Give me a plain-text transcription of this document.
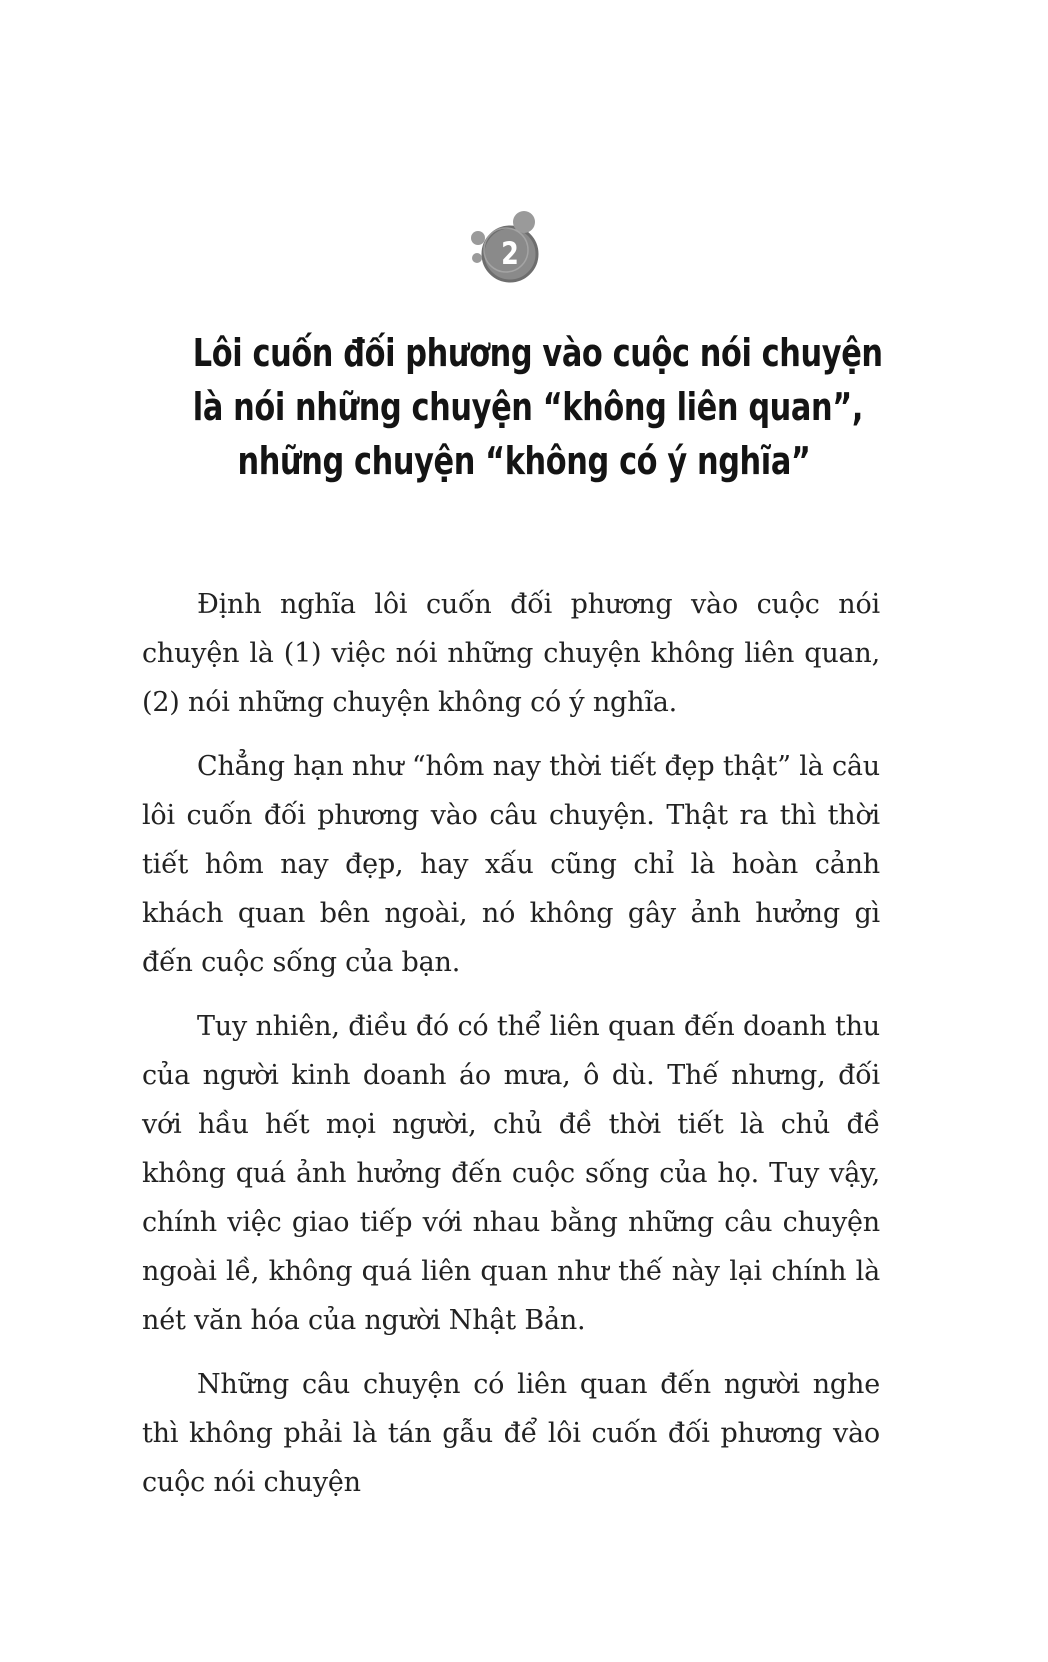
2
Lôi cuốn đối phương vào cuộc nói chuyện
là nói những chuyện “không liên quan”,
những chuyện “không có ý nghĩa”

Định nghĩa lôi cuốn đối phương vào cuộc nói chuyện là (1) việc nói những chuyện không liên quan, (2) nói những chuyện không có ý nghĩa.

Chẳng hạn như “hôm nay thời tiết đẹp thật” là câu lôi cuốn đối phương vào câu chuyện. Thật ra thì thời tiết hôm nay đẹp, hay xấu cũng chỉ là hoàn cảnh khách quan bên ngoài, nó không gây ảnh hưởng gì đến cuộc sống của bạn.

Tuy nhiên, điều đó có thể liên quan đến doanh thu của người kinh doanh áo mưa, ô dù. Thế nhưng, đối với hầu hết mọi người, chủ đề thời tiết là chủ đề không quá ảnh hưởng đến cuộc sống của họ. Tuy vậy, chính việc giao tiếp với nhau bằng những câu chuyện ngoài lề, không quá liên quan như thế này lại chính là nét văn hóa của người Nhật Bản.

Những câu chuyện có liên quan đến người nghe thì không phải là tán gẫu để lôi cuốn đối phương vào cuộc nói chuyện
